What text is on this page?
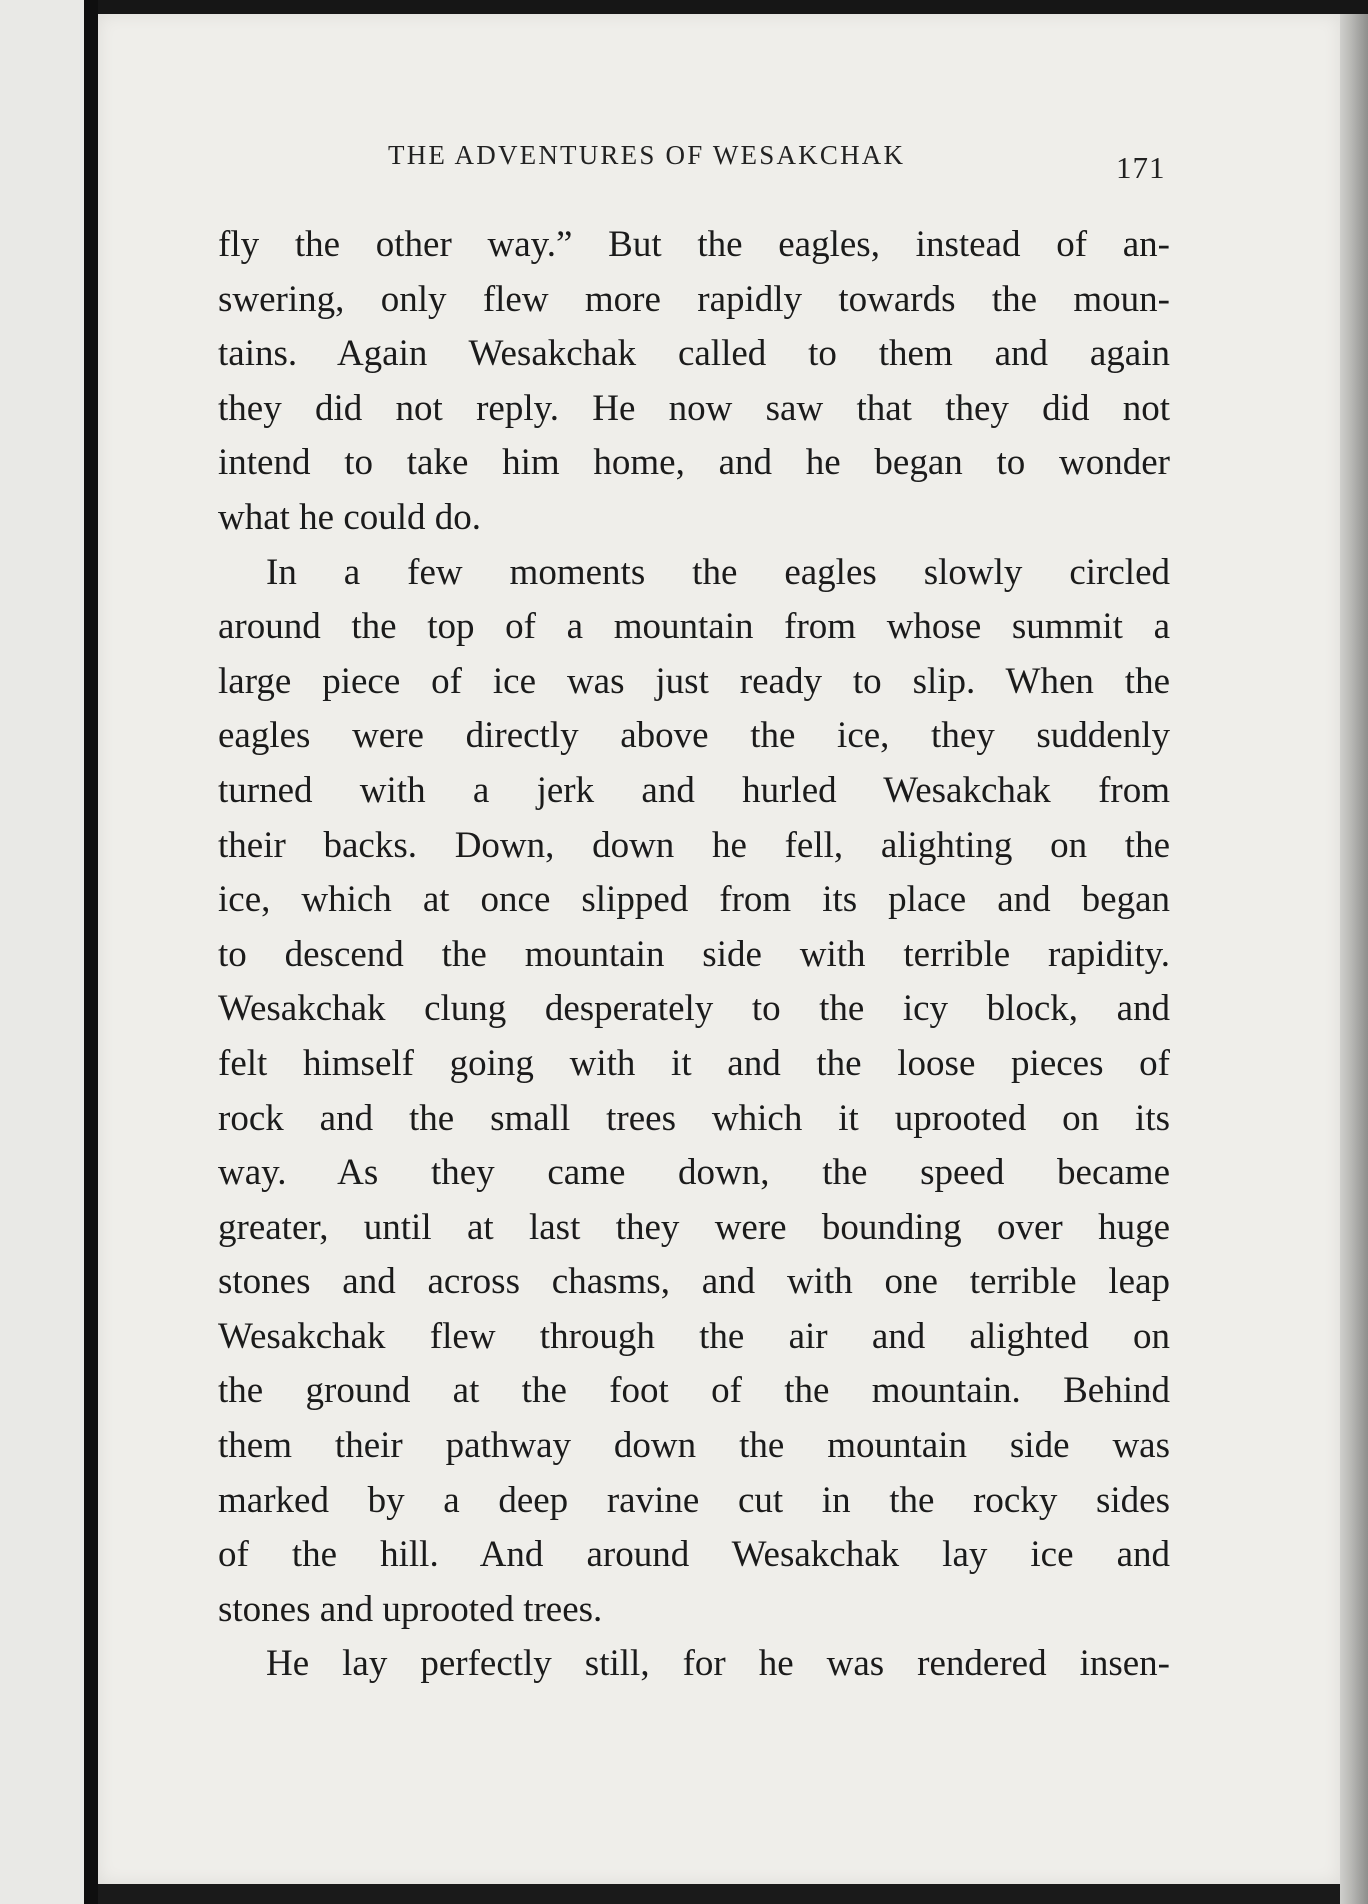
THE ADVENTURES OF WESAKCHAK	171
fly the other way.” But the eagles, instead of an-
swering, only flew more rapidly towards the moun-
tains. Again Wesakchak called to them and again
they did not reply. He now saw that they did not
intend to take him home, and he began to wonder
what he could do.
In a few moments the eagles slowly circled
around the top of a mountain from whose summit a
large piece of ice was just ready to slip. When the
eagles were directly above the ice, they suddenly
turned with a jerk and hurled Wesakchak from
their backs. Down, down he fell, alighting on the
ice, which at once slipped from its place and began
to descend the mountain side with terrible rapidity.
Wesakchak clung desperately to the icy block, and
felt himself going with it and the loose pieces of
rock and the small trees which it uprooted on its
way. As they came down, the speed became
greater, until at last they were bounding over huge
stones and across chasms, and with one terrible leap
Wesakchak flew through the air and alighted on
the ground at the foot of the mountain. Behind
them their pathway down the mountain side was
marked by a deep ravine cut in the rocky sides
of the hill. And around Wesakchak lay ice and
stones and uprooted trees.
He lay perfectly still, for he was rendered insen-
